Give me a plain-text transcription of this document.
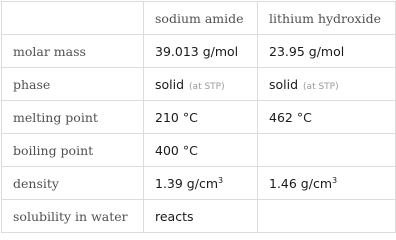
	sodium amide	lithium hydroxide
molar mass	39.013 g/mol	23.95 g/mol
phase	solid (at STP)	solid (at STP)
melting point	210 °C	462 °C
boiling point	400 °C	
density	1.39 $g/cm^3$	1.46 $g/cm^3$
solubility in water	reacts	
